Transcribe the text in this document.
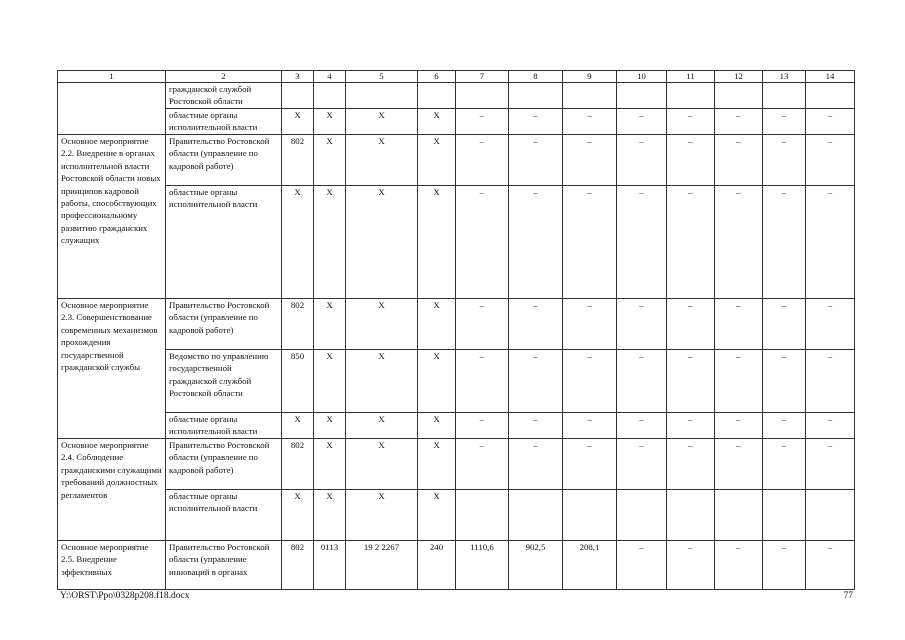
1	2	3	4	5	6	7	8	9	10	11	12	13	14
	гражданской службой Ростовской области												
	областные органы исполнительной власти	X	X	X	X	–	–	–	–	–	–	–	–
Основное мероприятие 2.2. Внедрение в органах исполнительной власти Ростовской области новых принципов кадровой работы, способствующих профессиональному развитию гражданских служащих	Правительство Ростовской области (управление по кадровой работе)	802	X	X	X	–	–	–	–	–	–	–	–
	областные органы исполнительной власти	X	X	X	X	–	–	–	–	–	–	–	–
Основное мероприятие 2.3. Совершенствование современных механизмов прохождения государственной гражданской службы	Правительство Ростовской области (управление по кадровой работе)	802	X	X	X	–	–	–	–	–	–	–	–
	Ведомство по управлению государственной гражданской службой Ростовской области	850	X	X	X	–	–	–	–	–	–	–	–
	областные органы исполнительной власти	X	X	X	X	–	–	–	–	–	–	–	–
Основное мероприятие 2.4. Соблюдение гражданскими служащими требований должностных регламентов	Правительство Ростовской области (управление по кадровой работе)	802	X	X	X	–	–	–	–	–	–	–	–
	областные органы исполнительной власти	X	X	X	X								
Основное мероприятие 2.5. Внедрение эффективных	Правительство Ростовской области (управление инноваций в органах	802	0113	19 2 2267	240	1110,6	902,5	208,1	–	–	–	–	–
Y:\ORST\Ppo\0328p208.f18.docx	77
